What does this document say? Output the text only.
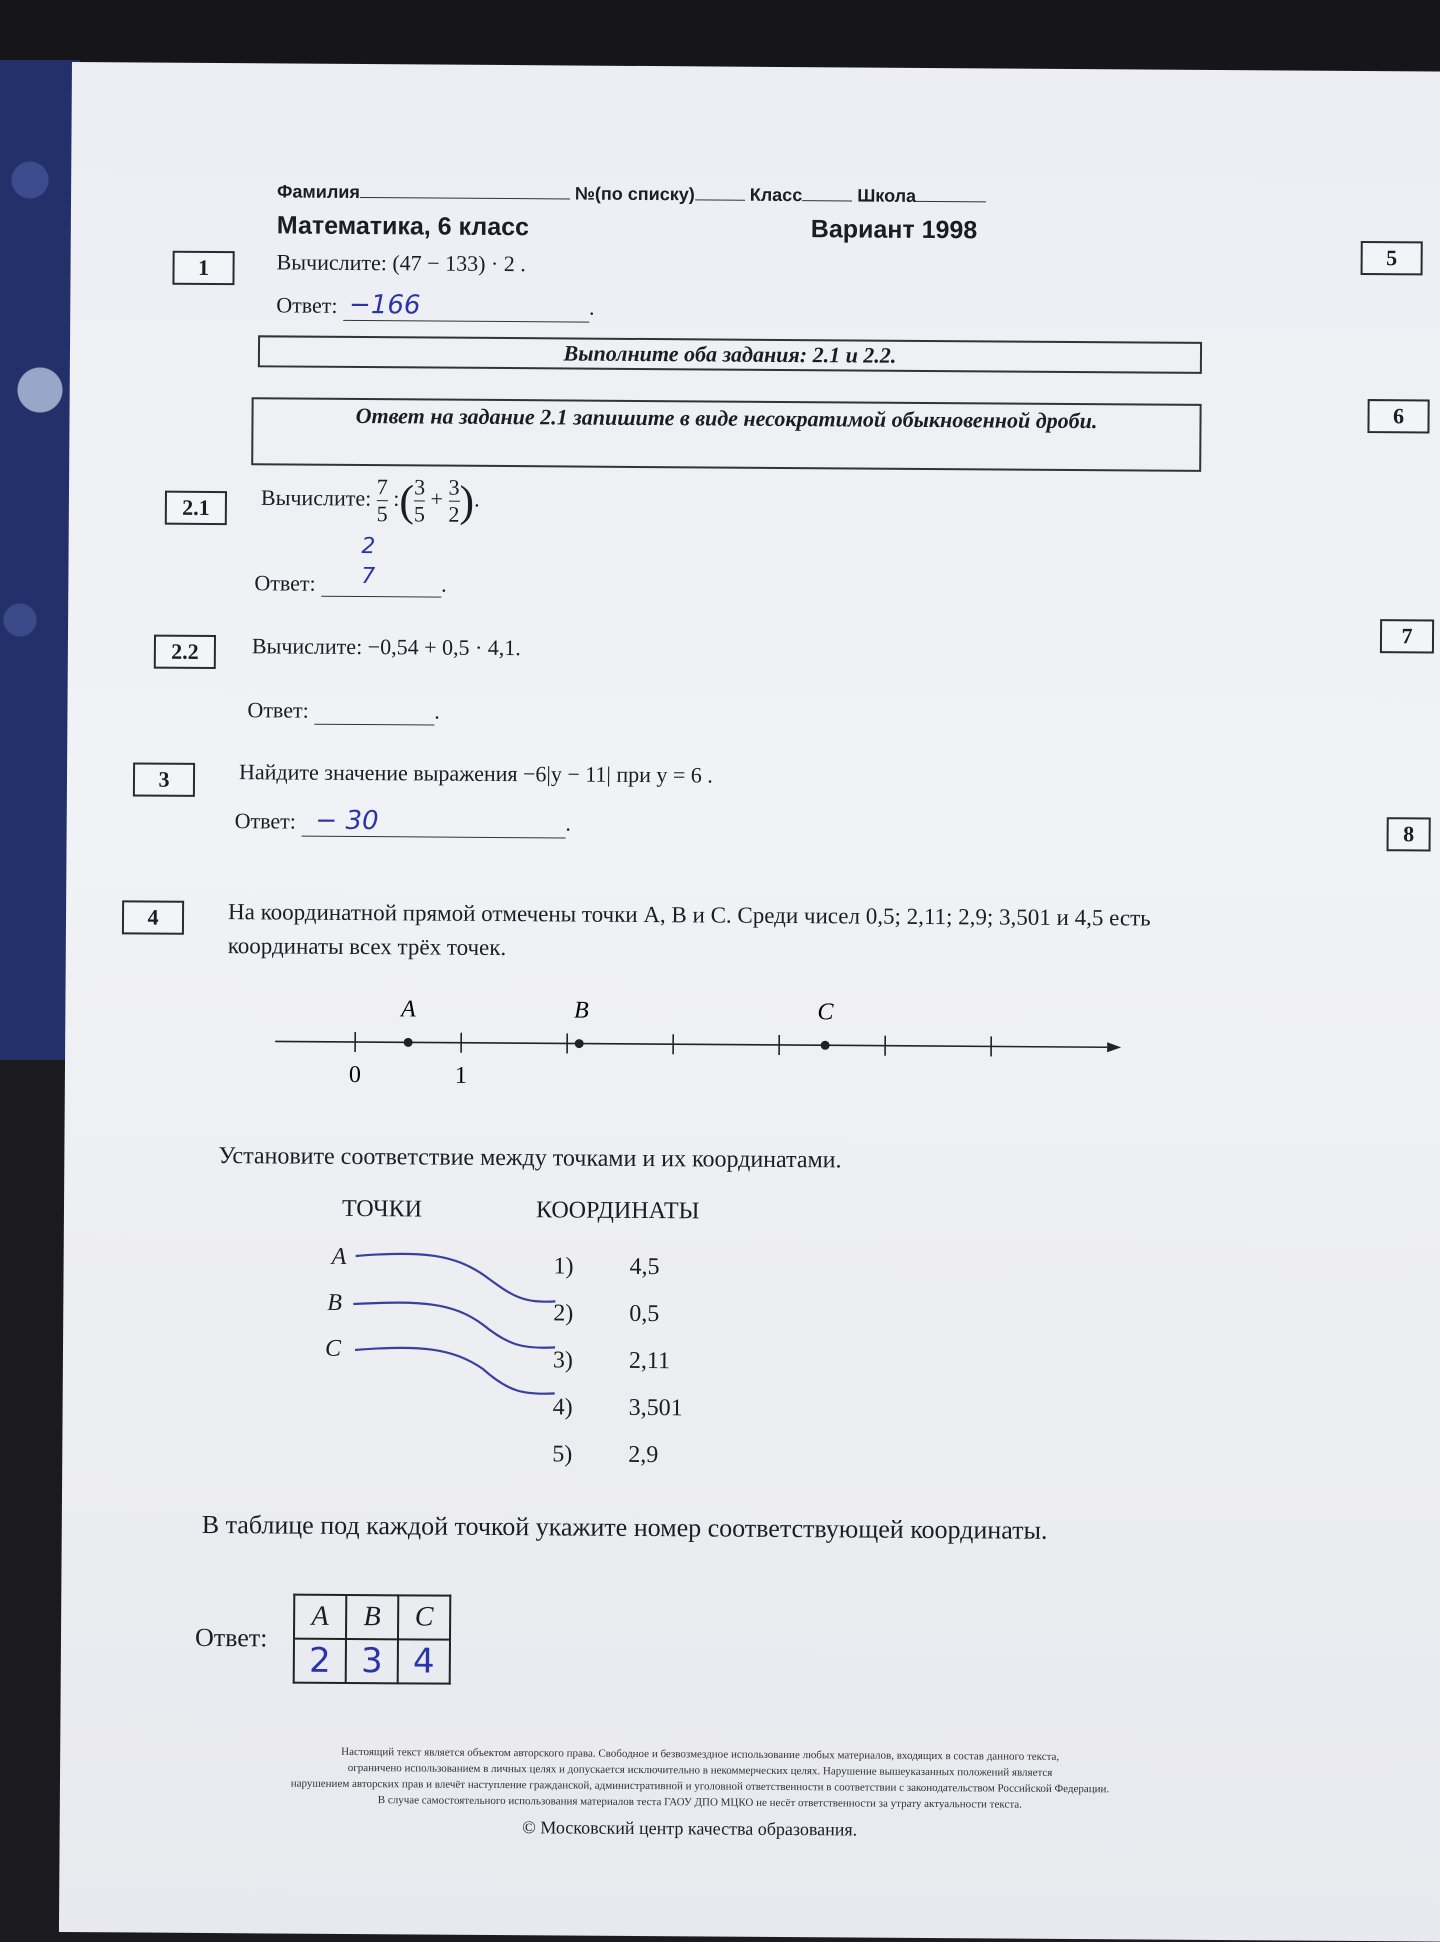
Фамилия	№(по списку)	Класс	Школа
Математика, 6 класс	Вариант 1998
5
6
7
8
1	Вычислите: (47 − 133) · 2 .
Ответ: −166	.
Выполните оба задания: 2.1 и 2.2.
Ответ на задание 2.1 запишите в виде несократимой обыкновенной дроби.
2.1	Вычислите: $\frac{7}{5}$ :( $\frac{3}{5} + \frac{3}{2}$ ).
Ответ:
2
7	.
2.2	Вычислите: −0,54 + 0,5 · 4,1.
Ответ:	.
3	Найдите значение выражения −6|y − 11| при y = 6 .
Ответ: − 30	.
4	На координатной прямой отмечены точки A, B и C. Среди чисел 0,5; 2,11; 2,9; 3,501 и 4,5 есть координаты всех трёх точек.
A	B	C
0	1
Установите соответствие между точками и их координатами.
ТОЧКИ	КООРДИНАТЫ
A
B
C
1) 4,5
2) 0,5
3) 2,11
4) 3,501
5) 2,9
В таблице под каждой точкой укажите номер соответствующей координаты.
Ответ:
A	B	C
2	3	4
Настоящий текст является объектом авторского права. Свободное и безвозмездное использование любых материалов, входящих в состав данного текста,
ограничено использованием в личных целях и допускается исключительно в некоммерческих целях. Нарушение вышеуказанных положений является
нарушением авторских прав и влечёт наступление гражданской, административной и уголовной ответственности в соответствии с законодательством Российской Федерации.
В случае самостоятельного использования материалов теста ГАОУ ДПО МЦКО не несёт ответственности за утрату актуальности текста.
© Московский центр качества образования.
